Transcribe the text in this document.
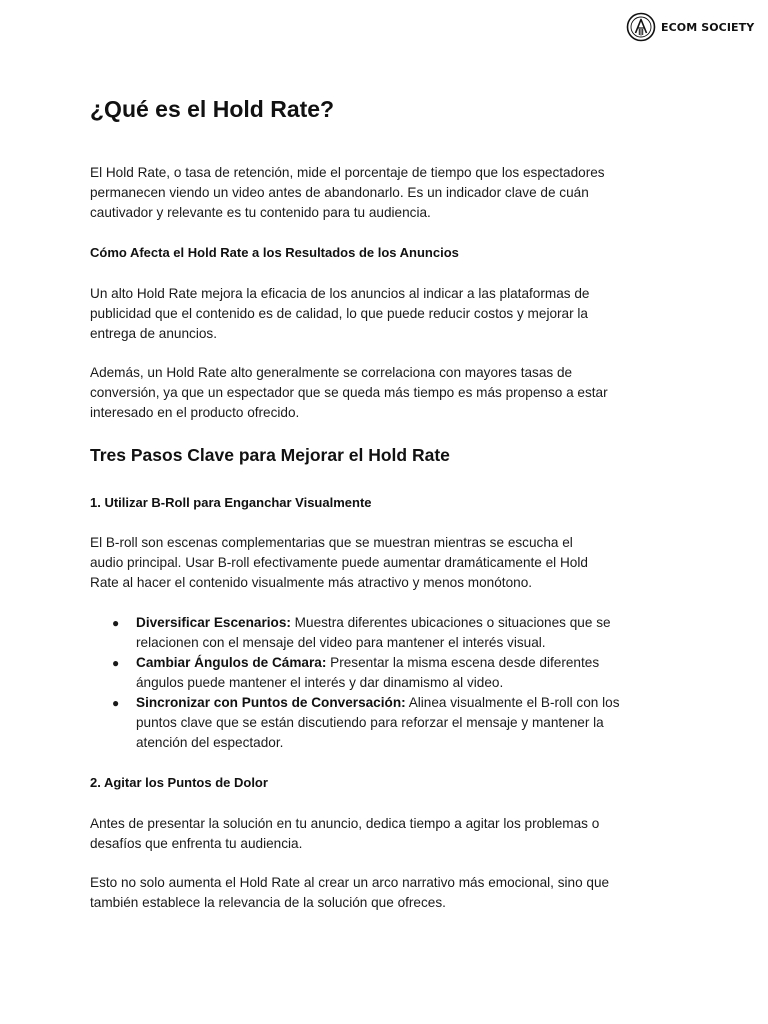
ECOM SOCIETY
¿Qué es el Hold Rate?

El Hold Rate, o tasa de retención, mide el porcentaje de tiempo que los espectadores
permanecen viendo un video antes de abandonarlo. Es un indicador clave de cuán
cautivador y relevante es tu contenido para tu audiencia.

Cómo Afecta el Hold Rate a los Resultados de los Anuncios

Un alto Hold Rate mejora la eficacia de los anuncios al indicar a las plataformas de
publicidad que el contenido es de calidad, lo que puede reducir costos y mejorar la
entrega de anuncios.

Además, un Hold Rate alto generalmente se correlaciona con mayores tasas de
conversión, ya que un espectador que se queda más tiempo es más propenso a estar
interesado en el producto ofrecido.

Tres Pasos Clave para Mejorar el Hold Rate
1. Utilizar B-Roll para Enganchar Visualmente

El B-roll son escenas complementarias que se muestran mientras se escucha el
audio principal. Usar B-roll efectivamente puede aumentar dramáticamente el Hold
Rate al hacer el contenido visualmente más atractivo y menos monótono.

● Diversificar Escenarios: Muestra diferentes ubicaciones o situaciones que se
relacionen con el mensaje del video para mantener el interés visual.
● Cambiar Ángulos de Cámara: Presentar la misma escena desde diferentes
ángulos puede mantener el interés y dar dinamismo al video.
● Sincronizar con Puntos de Conversación: Alinea visualmente el B-roll con los
puntos clave que se están discutiendo para reforzar el mensaje y mantener la
atención del espectador.
2. Agitar los Puntos de Dolor

Antes de presentar la solución en tu anuncio, dedica tiempo a agitar los problemas o
desafíos que enfrenta tu audiencia.

Esto no solo aumenta el Hold Rate al crear un arco narrativo más emocional, sino que
también establece la relevancia de la solución que ofreces.
